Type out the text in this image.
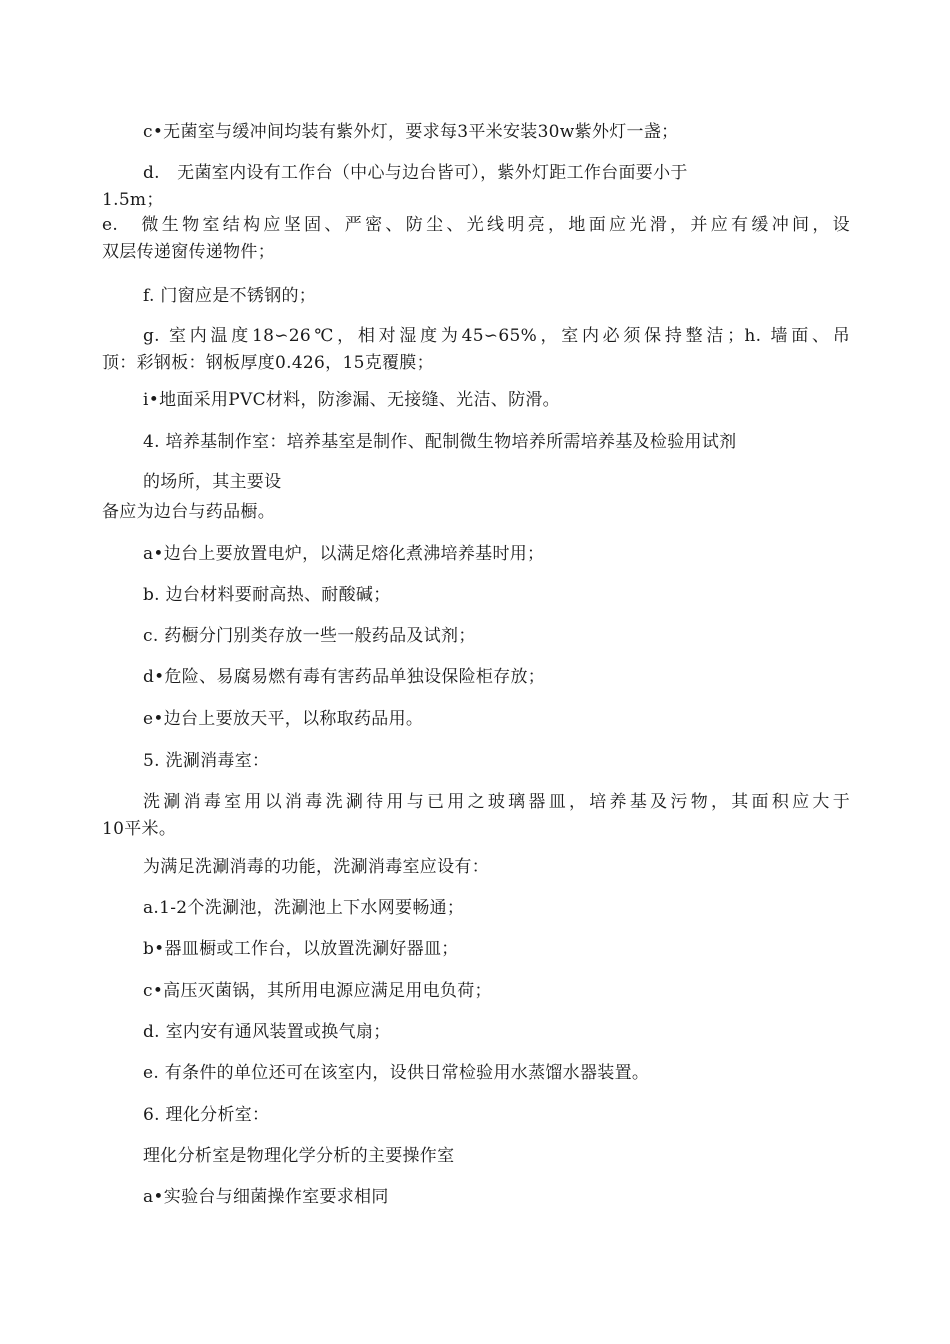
c•无菌室与缓冲间均装有紫外灯，要求每3平米安装30w紫外灯一盏；
d.　无菌室内设有工作台（中心与边台皆可），紫外灯距工作台面要小于
1.5m；
e.　微生物室结构应坚固、严密、防尘、光线明亮，地面应光滑，并应有缓冲间，设
双层传递窗传递物件；
f. 门窗应是不锈钢的；
g. 室内温度18∽26℃，相对湿度为45∽65%，室内必须保持整洁；h. 墙面、吊
顶：彩钢板：钢板厚度0.426，15克覆膜；
i•地面采用PVC材料，防渗漏、无接缝、光洁、防滑。
4. 培养基制作室：培养基室是制作、配制微生物培养所需培养基及检验用试剂
的场所，其主要设
备应为边台与药品橱。
a•边台上要放置电炉，以满足熔化煮沸培养基时用；
b. 边台材料要耐高热、耐酸碱；
c. 药橱分门别类存放一些一般药品及试剂；
d•危险、易腐易燃有毒有害药品单独设保险柜存放；
e•边台上要放天平，以称取药品用。
5. 洗涮消毒室：
洗涮消毒室用以消毒洗涮待用与已用之玻璃器皿，培养基及污物，其面积应大于
10平米。
为满足洗涮消毒的功能，洗涮消毒室应设有：
a.1-2个洗涮池，洗涮池上下水网要畅通；
b•器皿橱或工作台，以放置洗涮好器皿；
c•高压灭菌锅，其所用电源应满足用电负荷；
d. 室内安有通风装置或换气扇；
e. 有条件的单位还可在该室内，设供日常检验用水蒸馏水器装置。
6. 理化分析室：
理化分析室是物理化学分析的主要操作室
a•实验台与细菌操作室要求相同
